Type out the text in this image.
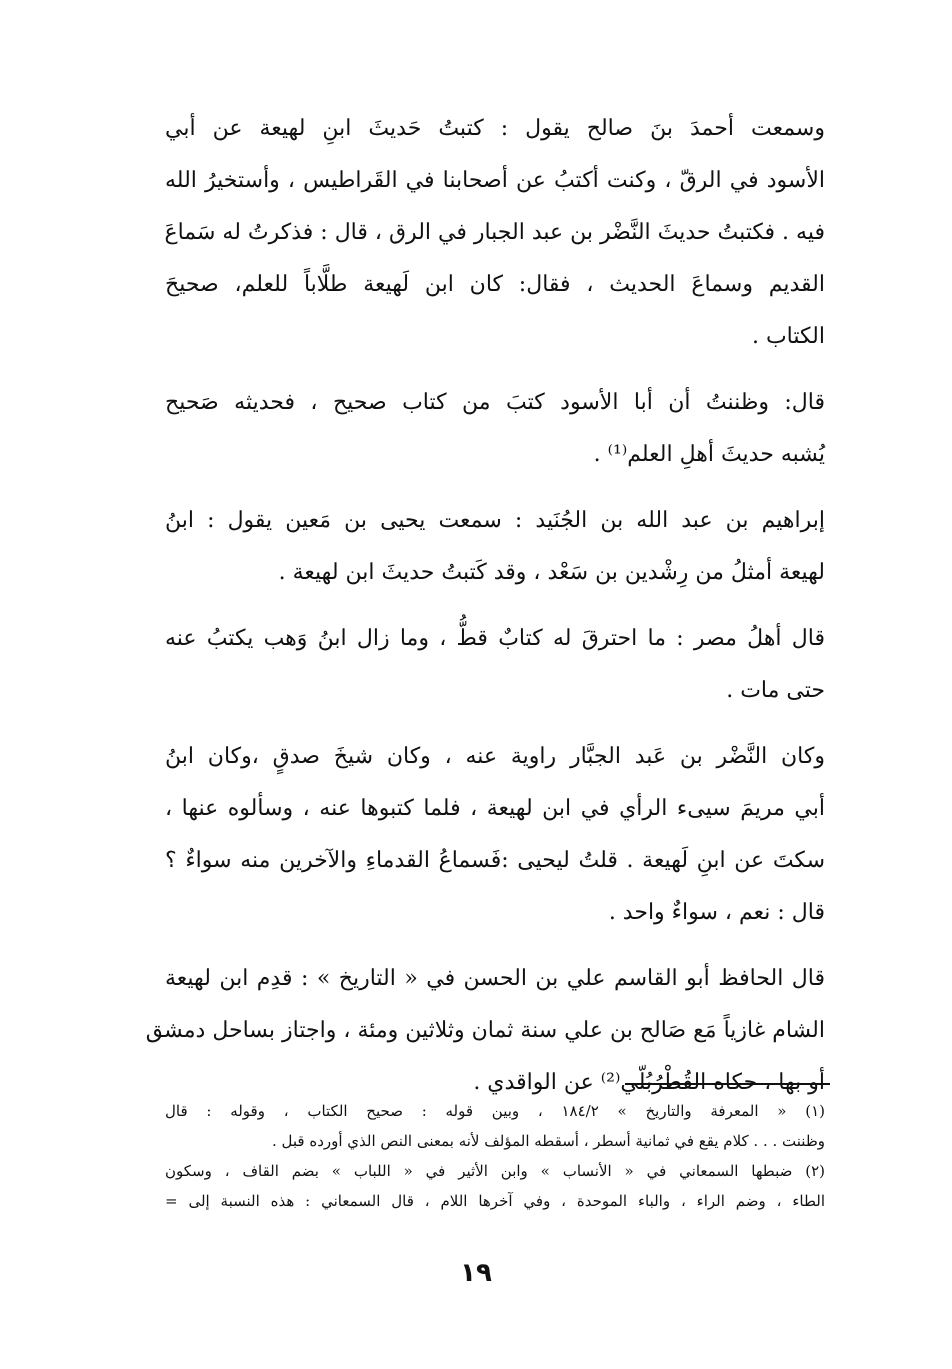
وسمعت أحمدَ بنَ صالح يقول : كتبتُ حَديثَ ابنِ لهيعة عن أبي
الأسود في الرقّ ، وكنت أكتبُ عن أصحابنا في القَراطيس ، وأستخيرُ الله
فيه . فكتبتُ حديثَ النَّضْر بن عبد الجبار في الرق ، قال : فذكرتُ له سَماعَ
القديم وسماعَ الحديث ، فقال: كان ابن لَهيعة طلَّاباً للعلم، صحيحَ
الكتاب .
قال: وظننتُ أن أبا الأسود كتبَ من كتاب صحيح ، فحديثه صَحيح
يُشبه حديثَ أهلِ العلم⁽¹⁾ .
إبراهيم بن عبد الله بن الجُنَيد : سمعت يحيى بن مَعين يقول : ابنُ
لهيعة أمثلُ من رِشْدين بن سَعْد ، وقد كَتبتُ حديثَ ابن لهيعة .
قال أهلُ مصر : ما احترقَ له كتابٌ قطُّ ، وما زال ابنُ وَهب يكتبُ عنه
حتى مات .
وكان النَّضْر بن عَبد الجبَّار راوية عنه ، وكان شيخَ صدقٍ ،وكان ابنُ
أبي مريمَ سيىء الرأي في ابن لهيعة ، فلما كتبوها عنه ، وسألوه عنها ،
سكتَ عن ابنِ لَهيعة . قلتُ ليحيى :فَسماعُ القدماءِ والآخرين منه سواءٌ ؟
قال : نعم ، سواءٌ واحد .
قال الحافظ أبو القاسم علي بن الحسن في « التاريخ » : قدِم ابن لهيعة
الشام غازياً مَع صَالح بن علي سنة ثمان وثلاثين ومئة ، واجتاز بساحل دمشق
أو بها ، حكاه القُطْرُبُلّي⁽²⁾ عن الواقدي .
(١) « المعرفة والتاريخ » ١٨٤/٢ ، وبين قوله : صحيح الكتاب ، وقوله : قال
وظننت . . . كلام يقع في ثمانية أسطر ، أسقطه المؤلف لأنه بمعنى النص الذي أورده قبل .
(٢) ضبطها السمعاني في « الأنساب » وابن الأثير في « اللباب » بضم القاف ، وسكون
الطاء ، وضم الراء ، والباء الموحدة ، وفي آخرها اللام ، قال السمعاني : هذه النسبة إلى =
١٩
